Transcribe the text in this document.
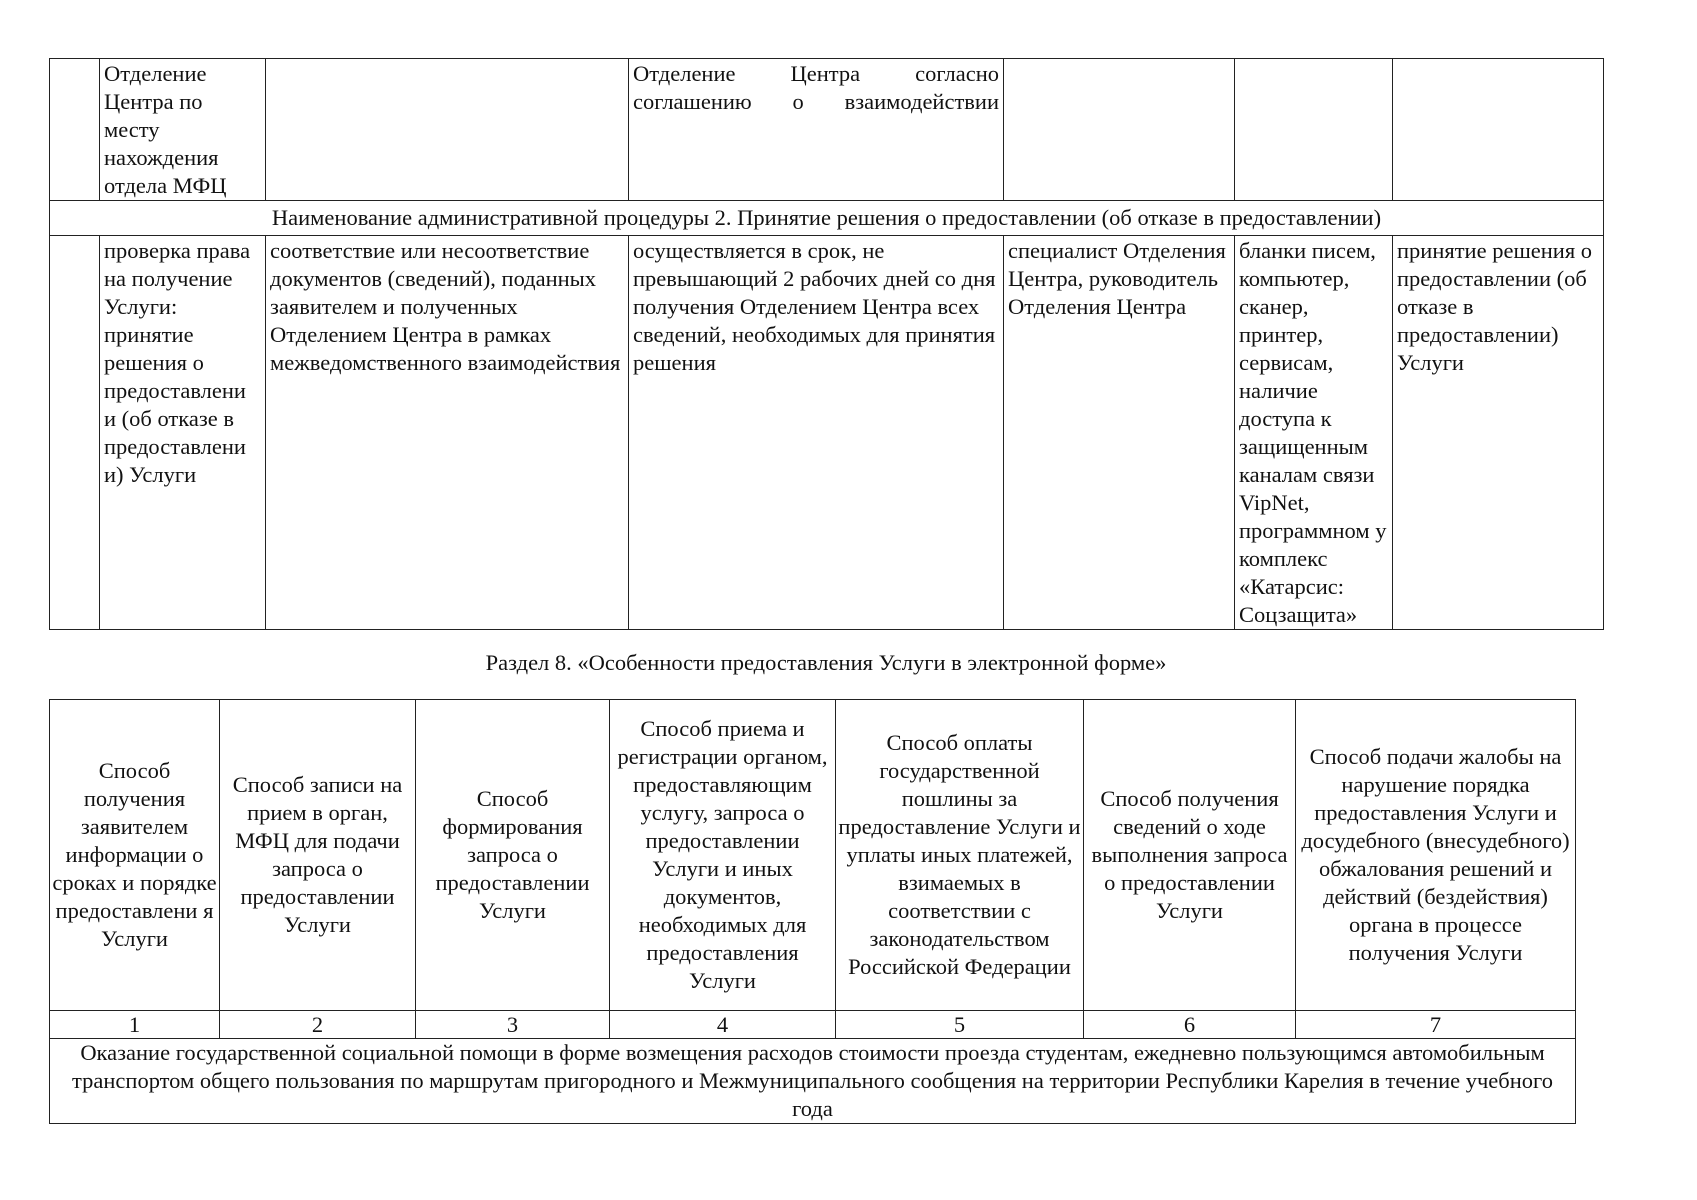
	Отделение Центра по месту нахождения отдела МФЦ		Отделение Центра согласно соглашению о взаимодействии			
Наименование административной процедуры 2. Принятие решения о предоставлении (об отказе в предоставлении)						
	проверка права на получение Услуги: принятие решения о предоставлени и (об отказе в предоставлени и) Услуги	соответствие или несоответствие документов (сведений), поданных заявителем и полученных Отделением Центра в рамках межведомственного взаимодействия	осуществляется в срок, не превышающий 2 рабочих дней со дня получения Отделением Центра всех сведений, необходимых для принятия решения	специалист Отделения Центра, руководитель Отделения Центра	бланки писем, компьютер, сканер, принтер, сервисам, наличие доступа к защищенным каналам связи VipNet, программном у комплекс «Катарсис: Соцзащита»	принятие решения о предоставлении (об отказе в предоставлении) Услуги
Раздел 8. «Особенности предоставления Услуги в электронной форме»
Способ получения заявителем информации о сроках и порядке предоставлени я Услуги	Способ записи на прием в орган, МФЦ для подачи запроса о предоставлении Услуги	Способ формирования запроса о предоставлении Услуги	Способ приема и регистрации органом, предоставляющим услугу, запроса о предоставлении Услуги и иных документов, необходимых для предоставления Услуги	Способ оплаты государственной пошлины за предоставление Услуги и уплаты иных платежей, взимаемых в соответствии с законодательством Российской Федерации	Способ получения сведений о ходе выполнения запроса о предоставлении Услуги	Способ подачи жалобы на нарушение порядка предоставления Услуги и досудебного (внесудебного) обжалования решений и действий (бездействия) органа в процессе получения Услуги
1	2	3	4	5	6	7
Оказание государственной социальной помощи в форме возмещения расходов стоимости проезда студентам, ежедневно пользующимся автомобильным транспортом общего пользования по маршрутам пригородного и Межмуниципального сообщения на территории Республики Карелия в течение учебного года						
